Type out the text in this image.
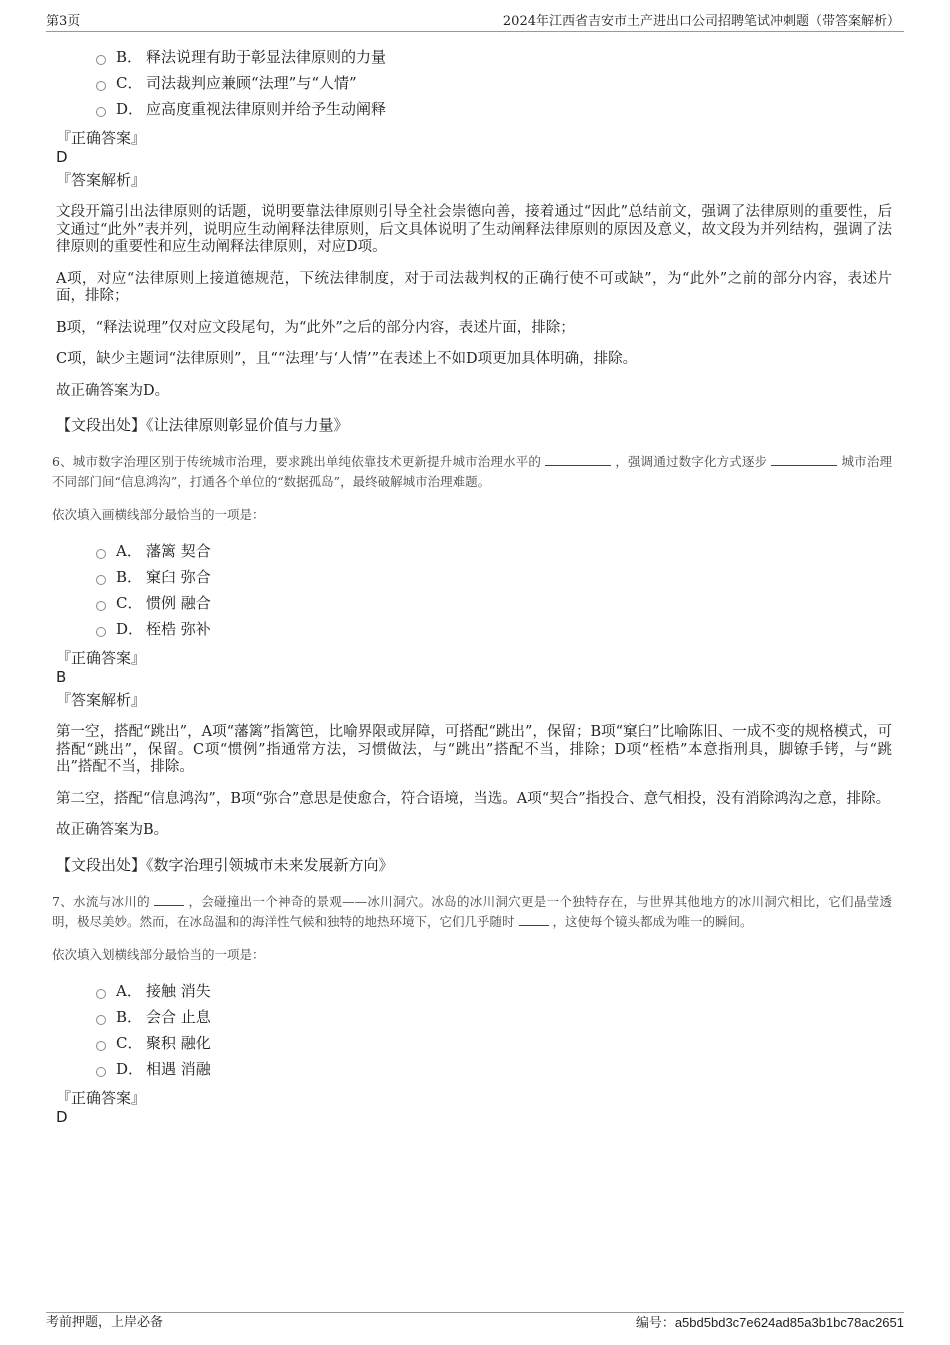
第3页	2024年江西省吉安市土产进出口公司招聘笔试冲刺题（带答案解析）
B． 释法说理有助于彰显法律原则的力量
C． 司法裁判应兼顾“法理”与“人情”
D． 应高度重视法律原则并给予生动阐释
『正确答案』
D
『答案解析』
文段开篇引出法律原则的话题，说明要靠法律原则引导全社会崇德向善，接着通过“因此”总结前文，强调了法律原则的重要性，后文通过“此外”表并列，说明应生动阐释法律原则，后文具体说明了生动阐释法律原则的原因及意义，故文段为并列结构，强调了法律原则的重要性和应生动阐释法律原则，对应D项。
A项，对应“法律原则上接道德规范，下统法律制度，对于司法裁判权的正确行使不可或缺”，为“此外”之前的部分内容，表述片面，排除；
B项，“释法说理”仅对应文段尾句，为“此外”之后的部分内容，表述片面，排除；
C项，缺少主题词“法律原则”，且““法理’与‘人情’”在表述上不如D项更加具体明确，排除。
故正确答案为D。
【文段出处】《让法律原则彰显价值与力量》
6、城市数字治理区别于传统城市治理，要求跳出单纯依靠技术更新提升城市治理水平的	，强调通过数字化方式逐步	城市治理不同部门间“信息鸿沟”，打通各个单位的“数据孤岛”，最终破解城市治理难题。
依次填入画横线部分最恰当的一项是：
A． 藩篱 契合
B． 窠臼 弥合
C． 惯例 融合
D． 桎梏 弥补
『正确答案』
B
『答案解析』
第一空，搭配“跳出”，A项“藩篱”指篱笆，比喻界限或屏障，可搭配“跳出”，保留；B项“窠臼”比喻陈旧、一成不变的规格模式，可搭配“跳出”，保留。C项“惯例”指通常方法，习惯做法，与“跳出”搭配不当，排除；D项“桎梏”本意指刑具，脚镣手铐，与“跳出”搭配不当，排除。
第二空，搭配“信息鸿沟”，B项“弥合”意思是使愈合，符合语境，当选。A项“契合”指投合、意气相投，没有消除鸿沟之意，排除。
故正确答案为B。
【文段出处】《数字治理引领城市未来发展新方向》
7、水流与冰川的	，会碰撞出一个神奇的景观——冰川洞穴。冰岛的冰川洞穴更是一个独特存在，与世界其他地方的冰川洞穴相比，它们晶莹透明，极尽美妙。然而，在冰岛温和的海洋性气候和独特的地热环境下，它们几乎随时	，这使每个镜头都成为唯一的瞬间。
依次填入划横线部分最恰当的一项是：
A． 接触 消失
B． 会合 止息
C． 聚积 融化
D． 相遇 消融
『正确答案』
D
考前押题，上岸必备	编号：a5bd5bd3c7e624ad85a3b1bc78ac2651
